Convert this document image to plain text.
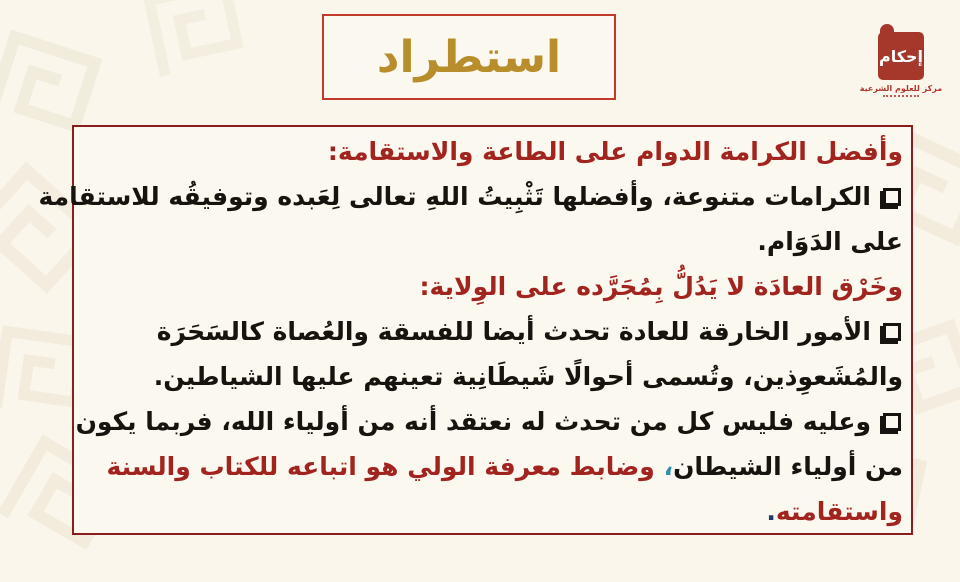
استطراد	إحكام
مركز للعلوم الشرعية
وأفضل الكرامة الدوام على الطاعة والاستقامة:
الكرامات متنوعة، وأفضلها تَثْبِيتُ اللهِ تعالى لِعَبده وتوفيقُه للاستقامة
على الدَوَام.
وخَرْق العادَة لا يَدُلُّ بِمُجَرَّده على الوِلاية:
الأمور الخارقة للعادة تحدث أيضا للفسقة والعُصاة كالسَحَرَة
والمُشَعوِذين، وتُسمى أحوالًا شَيطَانِية تعينهم عليها الشياطين.
وعليه فليس كل من تحدث له نعتقد أنه من أولياء الله، فربما يكون
من أولياء الشيطان، وضابط معرفة الولي هو اتباعه للكتاب والسنة
واستقامته.
